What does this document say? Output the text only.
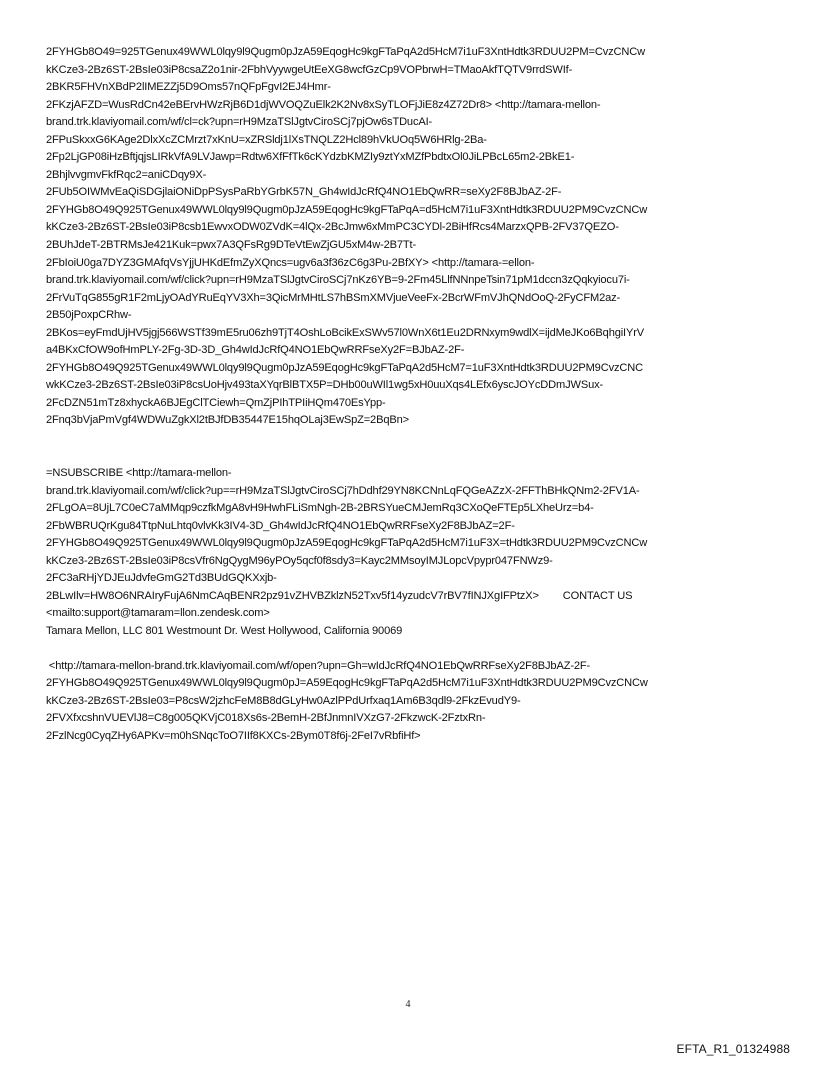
2FYHGb8O49=925TGenux49WWL0lqy9l9Qugm0pJzA59EqogHc9kgFTaPqA2d5HcM7i1uF3XntHdtk3RDUU2PM=CvzCNCw
kKCze3-2Bz6ST-2BsIe03iP8csaZ2o1nir-2FbhVyywgeUtEeXG8wcfGzCp9VOPbrwH=TMaoAkfTQTV9rrdSWIf-
2BKR5FHVnXBdP2lIMEZZj5D9Oms57nQFpFgvI2EJ4Hmr-
2FKzjAFZD=WusRdCn42eBErvHWzRjB6D1djWVOQZuElk2K2Nv8xSyTLOFjJiE8z4Z72Dr8> <http://tamara-mellon-
brand.trk.klaviyomail.com/wf/cl=ck?upn=rH9MzaTSlJgtvCiroSCj7pjOw6sTDucAI-
2FPuSkxxG6KAge2DlxXcZCMrzt7xKnU=xZRSldj1lXsTNQLZ2Hcl89hVkUOq5W6HRlg-2Ba-
2Fp2LjGP08iHzBftjqjsLIRkVfA9LVJawp=Rdtw6XfFfTk6cKYdzbKMZIy9ztYxMZfPbdtxOl0JiLPBcL65m2-2BkE1-
2BhjlvvgmvFkfRqc2=aniCDqy9X-
2FUb5OIWMvEaQiSDGjlaiONiDpPSysPaRbYGrbK57N_Gh4wIdJcRfQ4NO1EbQwRR=seXy2F8BJbAZ-2F-
2FYHGb8O49Q925TGenux49WWL0lqy9l9Qugm0pJzA59EqogHc9kgFTaPqA=d5HcM7i1uF3XntHdtk3RDUU2PM9CvzCNCw
kKCze3-2Bz6ST-2BsIe03iP8csb1EwvxODW0ZVdK=4lQx-2BcJmw6xMmPC3CYDl-2BiHfRcs4MarzxQPB-2FV37QEZO-
2BUhJdeT-2BTRMsJe421Kuk=pwx7A3QFsRg9DTeVtEwZjGU5xM4w-2B7Tt-
2FbIoiU0ga7DYZ3GMAfqVsYjjUHKdEfmZyXQncs=ugv6a3f36zC6g3Pu-2BfXY> <http://tamara-=ellon-
brand.trk.klaviyomail.com/wf/click?upn=rH9MzaTSlJgtvCiroSCj7nKz6YB=9-2Fm45LlfNNnpeTsin71pM1dccn3zQqkyiocu7i-
2FrVuTqG855gR1F2mLjyOAdYRuEqYV3Xh=3QicMrMHtLS7hBSmXMVjueVeeFx-2BcrWFmVJhQNdOoQ-2FyCFM2az-
2B50jPoxpCRhw-
2BKos=eyFmdUjHV5jgj566WSTf39mE5ru06zh9TjT4OshLoBcikExSWv57l0WnX6t1Eu2DRNxym9wdlX=ijdMeJKo6BqhgiIYrV
a4BKxCfOW9ofHmPLY-2Fg-3D-3D_Gh4wIdJcRfQ4NO1EbQwRRFseXy2F=BJbAZ-2F-
2FYHGb8O49Q925TGenux49WWL0lqy9l9Qugm0pJzA59EqogHc9kgFTaPqA2d5HcM7=1uF3XntHdtk3RDUU2PM9CvzCNC
wkKCze3-2Bz6ST-2BsIe03iP8csUoHjv493taXYqrBlBTX5P=DHb00uWIl1wg5xH0uuXqs4LEfx6yscJOYcDDmJWSux-
2FcDZN51mTz8xhyckA6BJEgClTCiewh=QmZjPIhTPIiHQm470EsYpp-
2Fnq3bVjaPmVgf4WDWuZgkXl2tBJfDB35447E15hqOLaj3EwSpZ=2BqBn>
=NSUBSCRIBE <http://tamara-mellon-
brand.trk.klaviyomail.com/wf/click?up==rH9MzaTSlJgtvCiroSCj7hDdhf29YN8KCNnLqFQGeAZzX-2FFThBHkQNm2-2FV1A-
2FLgOA=8UjL7C0eC7aMMqp9czfkMgA8vH9HwhFLiSmNgh-2B-2BRSYueCMJemRq3CXoQeFTEp5LXheUrz=b4-
2FbWBRUQrKgu84TtpNuLhtq0vlvKk3IV4-3D_Gh4wIdJcRfQ4NO1EbQwRRFseXy2F8BJbAZ=2F-
2FYHGb8O49Q925TGenux49WWL0lqy9l9Qugm0pJzA59EqogHc9kgFTaPqA2d5HcM7i1uF3X=tHdtk3RDUU2PM9CvzCNCw
kKCze3-2Bz6ST-2BsIe03iP8csVfr6NgQygM96yPOy5qcf0f8sdy3=Kayc2MMsoyIMJLopcVpypr047FNWz9-
2FC3aRHjYDJEuJdvfeGmG2Td3BUdGQKXxjb-
2BLwIlv=HW8O6NRAIryFujA6NmCAqBENR2pz91vZHVBZklzN52Txv5f14yzudcV7rBV7fINJXgIFPtzX> CONTACT US
<mailto:support@tamaram=llon.zendesk.com>
Tamara Mellon, LLC 801 Westmount Dr. West Hollywood, California 90069
<http://tamara-mellon-brand.trk.klaviyomail.com/wf/open?upn=Gh=wIdJcRfQ4NO1EbQwRRFseXy2F8BJbAZ-2F-
2FYHGb8O49Q925TGenux49WWL0lqy9l9Qugm0pJ=A59EqogHc9kgFTaPqA2d5HcM7i1uF3XntHdtk3RDUU2PM9CvzCNCw
kKCze3-2Bz6ST-2BsIe03=P8csW2jzhcFeM8B8dGLyHw0AzlPPdUrfxaq1Am6B3qdl9-2FkzEvudY9-
2FVXfxcshnVUEVlJ8=C8g005QKVjC018Xs6s-2BemH-2BfJnmnIVXzG7-2FkzwcK-2FztxRn-
2FzlNcg0CyqZHy6APKv=m0hSNqcToO7IIf8KXCs-2Bym0T8f6j-2FeI7vRbfiHf>
4
EFTA_R1_01324988
